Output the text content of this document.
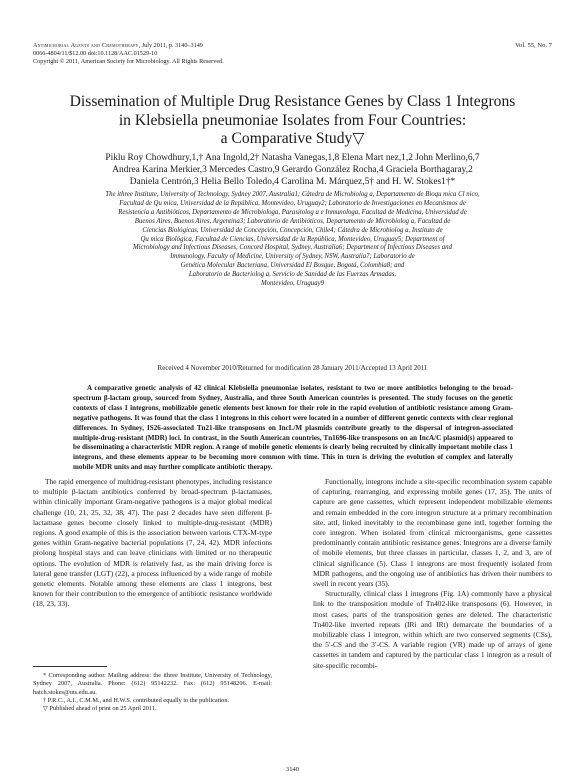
Antimicrobial Agents and Chemotherapy, July 2011, p. 3140–3149
0066-4804/11/$12.00 doi:10.1128/AAC.01529-10
Copyright © 2011, American Society for Microbiology. All Rights Reserved.
Vol. 55, No. 7
Dissemination of Multiple Drug Resistance Genes by Class 1 Integrons
in Klebsiella pneumoniae Isolates from Four Countries:
a Comparative Study▽
Piklu Roy Chowdhury,1,† Ana Ingold,2† Natasha Vanegas,1,8 Elena Mart nez,1,2 John Merlino,6,7
Andrea Karina Merkier,3 Mercedes Castro,9 Gerardo González Rocha,4 Graciela Borthagaray,2
Daniela Centrón,3 Helia Bello Toledo,4 Carolina M. Márquez,5† and H. W. Stokes1†*
The ithree Institute, University of Technology, Sydney 2007, Australia1; Cátedra de Microbiolog a, Departamento de Bioqu mica Cl nico,
Facultad de Qu mica, Universidad de la República, Montevideo, Uruguay2; Laboratorio de Investigaciones en Mecanismos de
Resistencia a Antibióticos, Departamento de Microbiologa, Parasitolog a e Inmunologa, Facultad de Medicina, Universidad de
Buenos Aires, Buenos Aires, Argentina3; Laboratorio de Antibióticos, Departamento de Microbiolog a, Facultad de
Ciencias Biológicas, Universidad de Concepción, Concepción, Chile4; Cátedra de Microbiolog a, Instituto de
Qu mica Biológica, Facultad de Ciencias, Universidad de la República, Montevideo, Uruguay5; Department of
Microbiology and Infectious Diseases, Concord Hospital, Sydney, Australia6; Department of Infectious Diseases and
Immunology, Faculty of Medicine, University of Sydney, NSW, Australia7; Laboratorio de
Genética Molecular Bacteriana, Universidad El Bosque, Bogotá, Colombia8; and
Laboratorio de Bacteriolog a, Servicio de Sanidad de las Fuerzas Armadas,
Montevideo, Uruguay9
Received 4 November 2010/Returned for modification 28 January 2011/Accepted 13 April 2011
A comparative genetic analysis of 42 clinical Klebsiella pneumoniae isolates, resistant to two or more antibiotics belonging to the broad-spectrum β-lactam group, sourced from Sydney, Australia, and three South American countries is presented. The study focuses on the genetic contexts of class 1 integrons, mobilizable genetic elements best known for their role in the rapid evolution of antibiotic resistance among Gram-negative pathogens. It was found that the class 1 integrons in this cohort were located in a number of different genetic contexts with clear regional differences. In Sydney, IS26-associated Tn21-like transposons on IncL/M plasmids contribute greatly to the dispersal of integron-associated multiple-drug-resistant (MDR) loci. In contrast, in the South American countries, Tn1696-like transposons on an IncA/C plasmid(s) appeared to be disseminating a characteristic MDR region. A range of mobile genetic elements is clearly being recruited by clinically important mobile class 1 integrons, and these elements appear to be becoming more common with time. This in turn is driving the evolution of complex and laterally mobile MDR units and may further complicate antibiotic therapy.

The rapid emergence of multidrug-resistant phenotypes, including resistance to multiple β-lactam antibiotics conferred by broad-spectrum β-lactamases, within clinically important Gram-negative pathogens is a major global medical challenge (10, 21, 25, 32, 38, 47). The past 2 decades have seen different β-lactamase genes become closely linked to multiple-drug-resistant (MDR) regions. A good example of this is the association between various CTX-M-type genes within Gram-negative bacterial populations (7, 24, 42). MDR infections prolong hospital stays and can leave clinicians with limited or no therapeutic options. The evolution of MDR is relatively fast, as the main driving force is lateral gene transfer (LGT) (22), a process influenced by a wide range of mobile genetic elements. Notable among these elements are class 1 integrons, best known for their contribution to the emergence of antibiotic resistance worldwide (18, 23, 33).

Functionally, integrons include a site-specific recombination system capable of capturing, rearranging, and expressing mobile genes (17, 35). The units of capture are gene cassettes, which represent independent mobilizable elements and remain embedded in the core integron structure at a primary recombination site, attI, linked inevitably to the recombinase gene intI, together forming the core integron. When isolated from clinical microorganisms, gene cassettes predominantly contain antibiotic resistance genes. Integrons are a diverse family of mobile elements, but three classes in particular, classes 1, 2, and 3, are of clinical significance (5). Class 1 integrons are most frequently isolated from MDR pathogens, and the ongoing use of antibiotics has driven their numbers to swell in recent years (35).

Structurally, clinical class 1 integrons (Fig. 1A) commonly have a physical link to the transposition module of Tn402-like transposons (6). However, in most cases, parts of the transposition genes are deleted. The characteristic Tn402-like inverted repeats (IRi and IRt) demarcate the boundaries of a mobilizable class 1 integron, within which are two conserved segments (CSs), the 5′-CS and the 3′-CS. A variable region (VR) made up of arrays of gene cassettes in tandem and captured by the particular class 1 integron as a result of site-specific recombi-

* Corresponding author. Mailing address: the ithree Institute, University of Technology, Sydney 2007, Australia. Phone: (612) 95142232. Fax: (612) 95148206. E-mail: hatch.stokes@uts.edu.au.
† P.R.C., A.I., C.M.M., and H.W.S. contributed equally to the publication.
▽ Published ahead of print on 25 April 2011.
3140
